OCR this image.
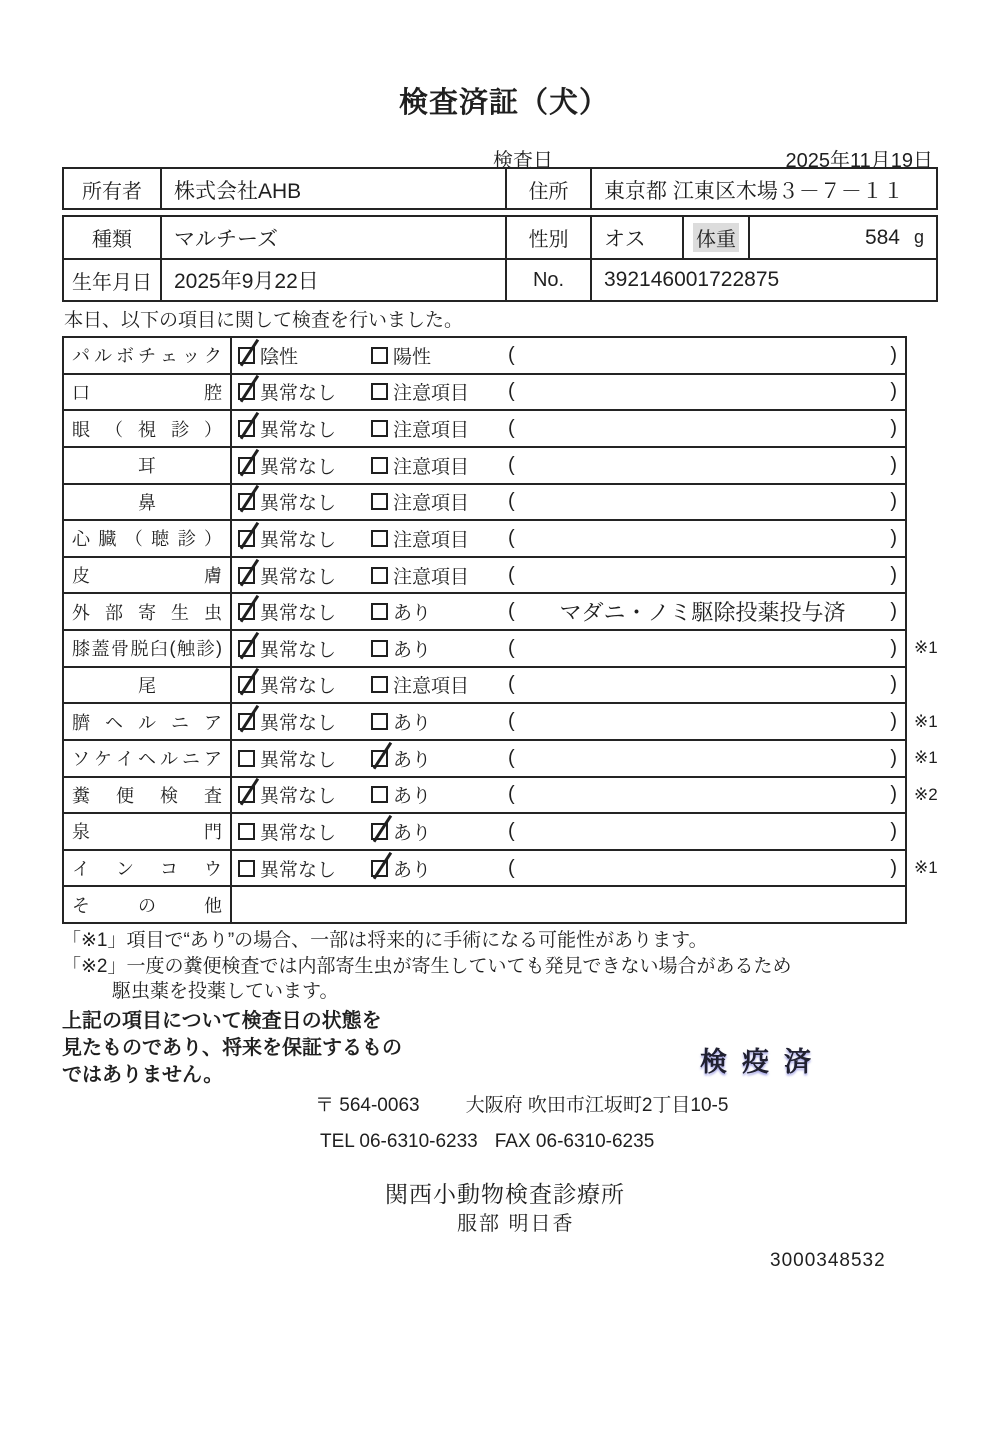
検査済証（犬）
検査日	2025年11月19日
所有者	株式会社AHB	住所	東京都 江東区木場３－７－１１
種類	マルチーズ	性別	オス	体重	584 g
生年月日	2025年9月22日	No.	392146001722875
本日、以下の項目に関して検査を行いました。
パ ル ボ チ ェ ッ ク 陰性	陽性	(	)
口	腔 異常なし	注意項目 (	)
眼 （ 視 診 ） 異常なし	注意項目 (	)
耳	異常なし	注意項目 (	)
鼻	異常なし	注意項目 (	)
心 臓 （ 聴 診 ） 異常なし	注意項目 (	)
皮	膚 異常なし	注意項目 (	)
外 部 寄 生 虫 異常なし	あり	(	マダニ・ノミ駆除投薬投与済	)
膝 蓋 骨 脱 臼 ( 触 診 ) 異常なし	あり	(	) ※1
尾	異常なし	注意項目 (	)
臍 ヘ ル ニ ア 異常なし	あり	(	) ※1
ソ ケ イ ヘ ル ニ ア 異常なし	あり	(	) ※1
糞 便 検 査 異常なし	あり	(	) ※2
泉	門 異常なし	あり	(	)
イ ン コ ウ 異常なし	あり	(	) ※1
そ	の	他
「※1」項目で“あり”の場合、一部は将来的に手術になる可能性があります。
「※2」一度の糞便検査では内部寄生虫が寄生していても発見できない場合があるため
駆虫薬を投薬しています。
上記の項目について検査日の状態を
見たものであり、将来を保証するもの
ではありません。	検疫済
〒 564-0063 大阪府 吹田市江坂町2丁目10-5
TEL 06-6310-6233 FAX 06-6310-6235
関西小動物検査診療所
服部 明日香
3000348532
